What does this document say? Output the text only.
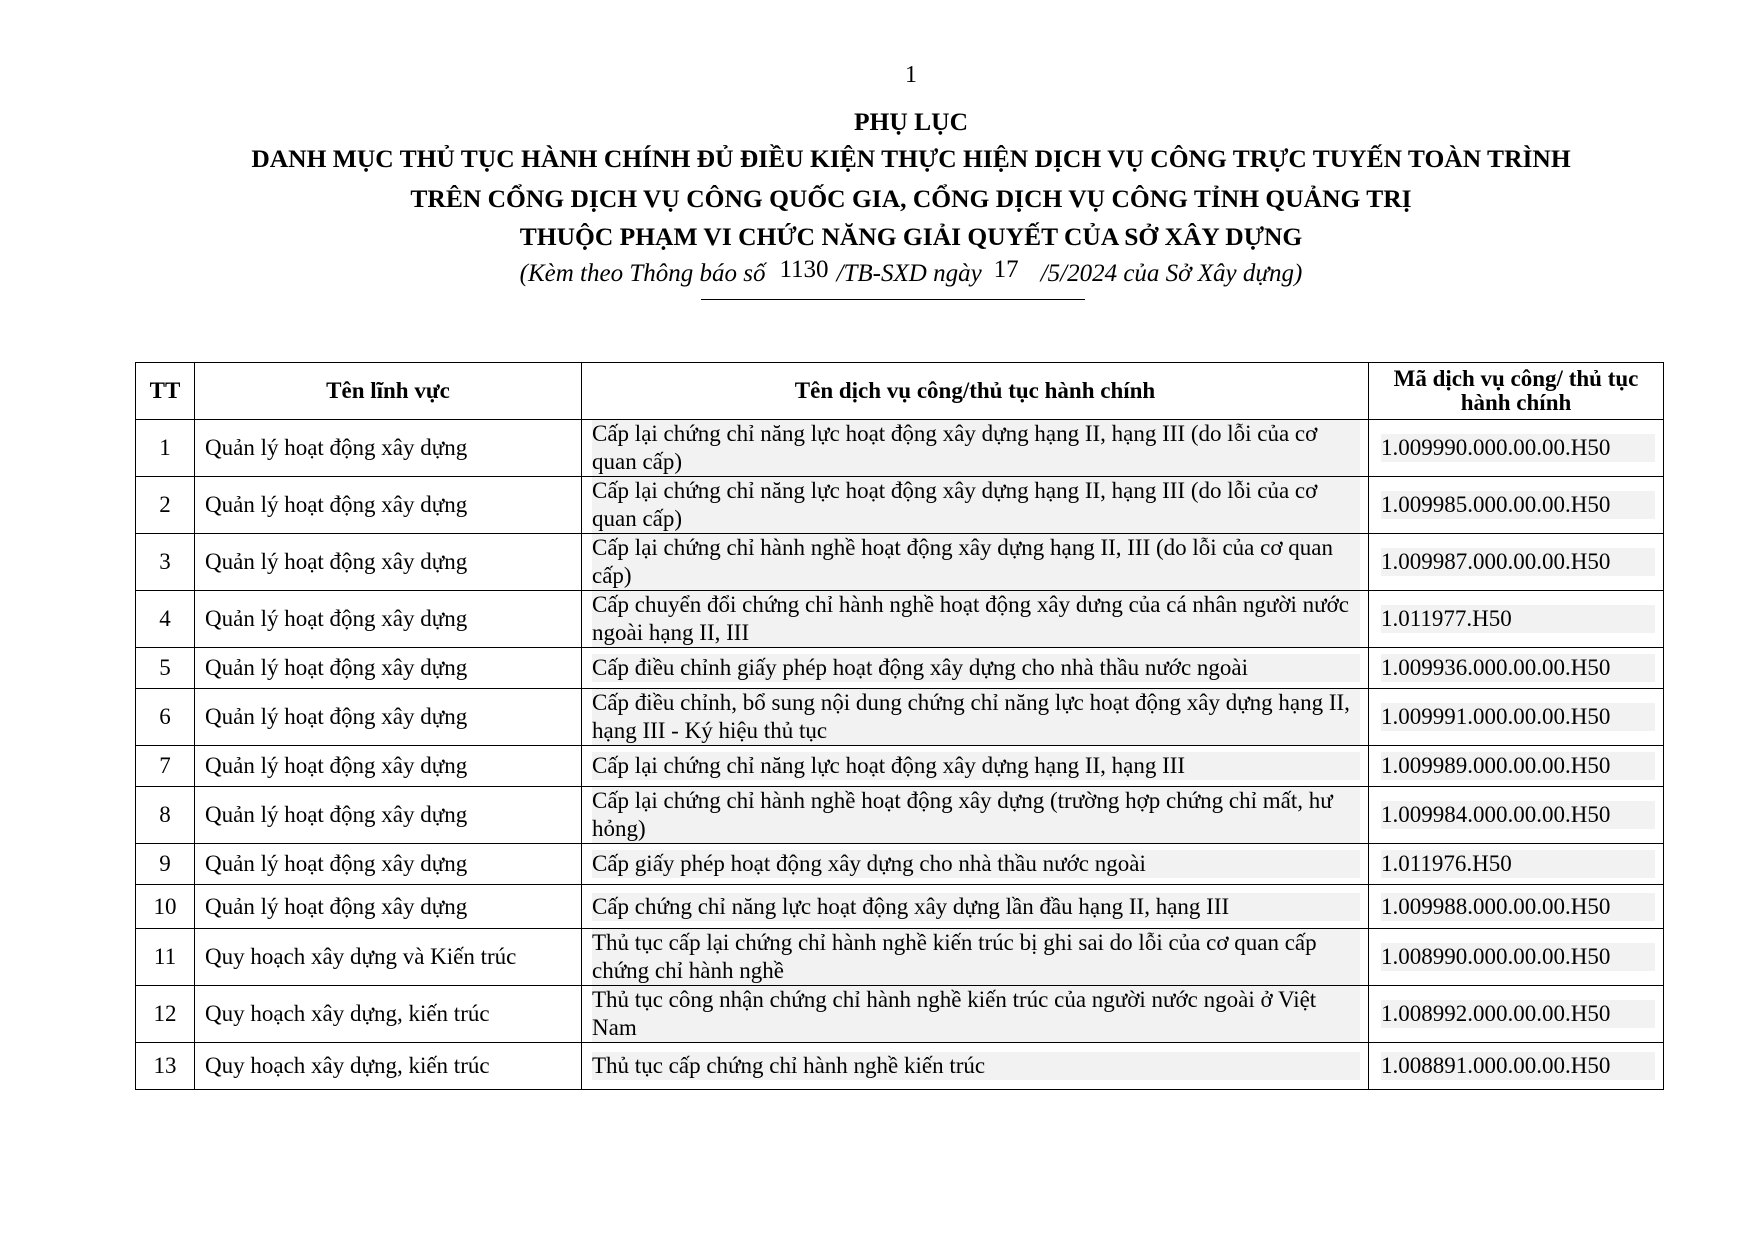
1
PHỤ LỤC
DANH MỤC THỦ TỤC HÀNH CHÍNH ĐỦ ĐIỀU KIỆN THỰC HIỆN DỊCH VỤ CÔNG TRỰC TUYẾN TOÀN TRÌNH
TRÊN CỔNG DỊCH VỤ CÔNG QUỐC GIA, CỔNG DỊCH VỤ CÔNG TỈNH QUẢNG TRỊ
THUỘC PHẠM VI CHỨC NĂNG GIẢI QUYẾT CỦA SỞ XÂY DỰNG
(Kèm theo Thông báo số 1130 /TB-SXD ngày 17 /5/2024 của Sở Xây dựng)
TT	Tên lĩnh vực	Tên dịch vụ công/thủ tục hành chính	Mã dịch vụ công/ thủ tục hành chính
1	Quản lý hoạt động xây dựng	Cấp lại chứng chỉ năng lực hoạt động xây dựng hạng II, hạng III (do lỗi của cơ quan cấp)	1.009990.000.00.00.H50

2	Quản lý hoạt động xây dựng	Cấp lại chứng chỉ năng lực hoạt động xây dựng hạng II, hạng III (do lỗi của cơ quan cấp)	1.009985.000.00.00.H50

3	Quản lý hoạt động xây dựng	Cấp lại chứng chỉ hành nghề hoạt động xây dựng hạng II, III (do lỗi của cơ quan cấp)	1.009987.000.00.00.H50

4	Quản lý hoạt động xây dựng	Cấp chuyển đổi chứng chỉ hành nghề hoạt động xây dưng của cá nhân người nước ngoài hạng II, III	1.011977.H50

5	Quản lý hoạt động xây dựng	Cấp điều chỉnh giấy phép hoạt động xây dựng cho nhà thầu nước ngoài	1.009936.000.00.00.H50

6	Quản lý hoạt động xây dựng	Cấp điều chỉnh, bổ sung nội dung chứng chỉ năng lực hoạt động xây dựng hạng II, hạng III - Ký hiệu thủ tục	1.009991.000.00.00.H50

7	Quản lý hoạt động xây dựng	Cấp lại chứng chỉ năng lực hoạt động xây dựng hạng II, hạng III	1.009989.000.00.00.H50

8	Quản lý hoạt động xây dựng	Cấp lại chứng chỉ hành nghề hoạt động xây dựng (trường hợp chứng chỉ mất, hư hỏng)	1.009984.000.00.00.H50

9	Quản lý hoạt động xây dựng	Cấp giấy phép hoạt động xây dựng cho nhà thầu nước ngoài	1.011976.H50

10	Quản lý hoạt động xây dựng	Cấp chứng chỉ năng lực hoạt động xây dựng lần đầu hạng II, hạng III	1.009988.000.00.00.H50

11	Quy hoạch xây dựng và Kiến trúc	Thủ tục cấp lại chứng chỉ hành nghề kiến trúc bị ghi sai do lỗi của cơ quan cấp chứng chỉ hành nghề	1.008990.000.00.00.H50

12	Quy hoạch xây dựng, kiến trúc	Thủ tục công nhận chứng chỉ hành nghề kiến trúc của người nước ngoài ở Việt Nam	1.008992.000.00.00.H50

13	Quy hoạch xây dựng, kiến trúc	Thủ tục cấp chứng chỉ hành nghề kiến trúc	1.008891.000.00.00.H50
